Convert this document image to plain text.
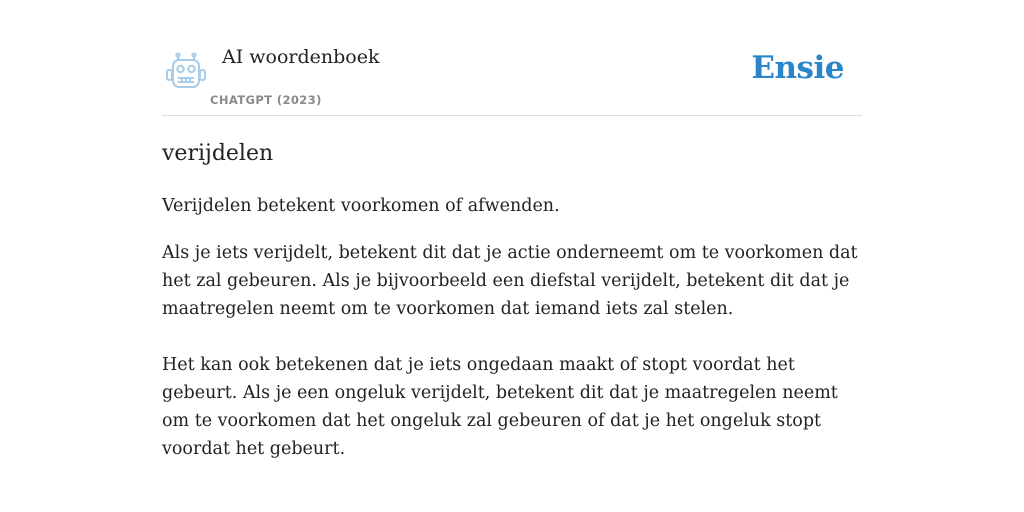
AI woordenboek
CHATGPT (2023)
Ensie
verijdelen

Verijdelen betekent voorkomen of afwenden.

Als je iets verijdelt, betekent dit dat je actie onderneemt om te voorkomen dat het zal gebeuren. Als je bijvoorbeeld een diefstal verijdelt, betekent dit dat je maatregelen neemt om te voorkomen dat iemand iets zal stelen.

Het kan ook betekenen dat je iets ongedaan maakt of stopt voordat het gebeurt. Als je een ongeluk verijdelt, betekent dit dat je maatregelen neemt om te voorkomen dat het ongeluk zal gebeuren of dat je het ongeluk stopt voordat het gebeurt.
